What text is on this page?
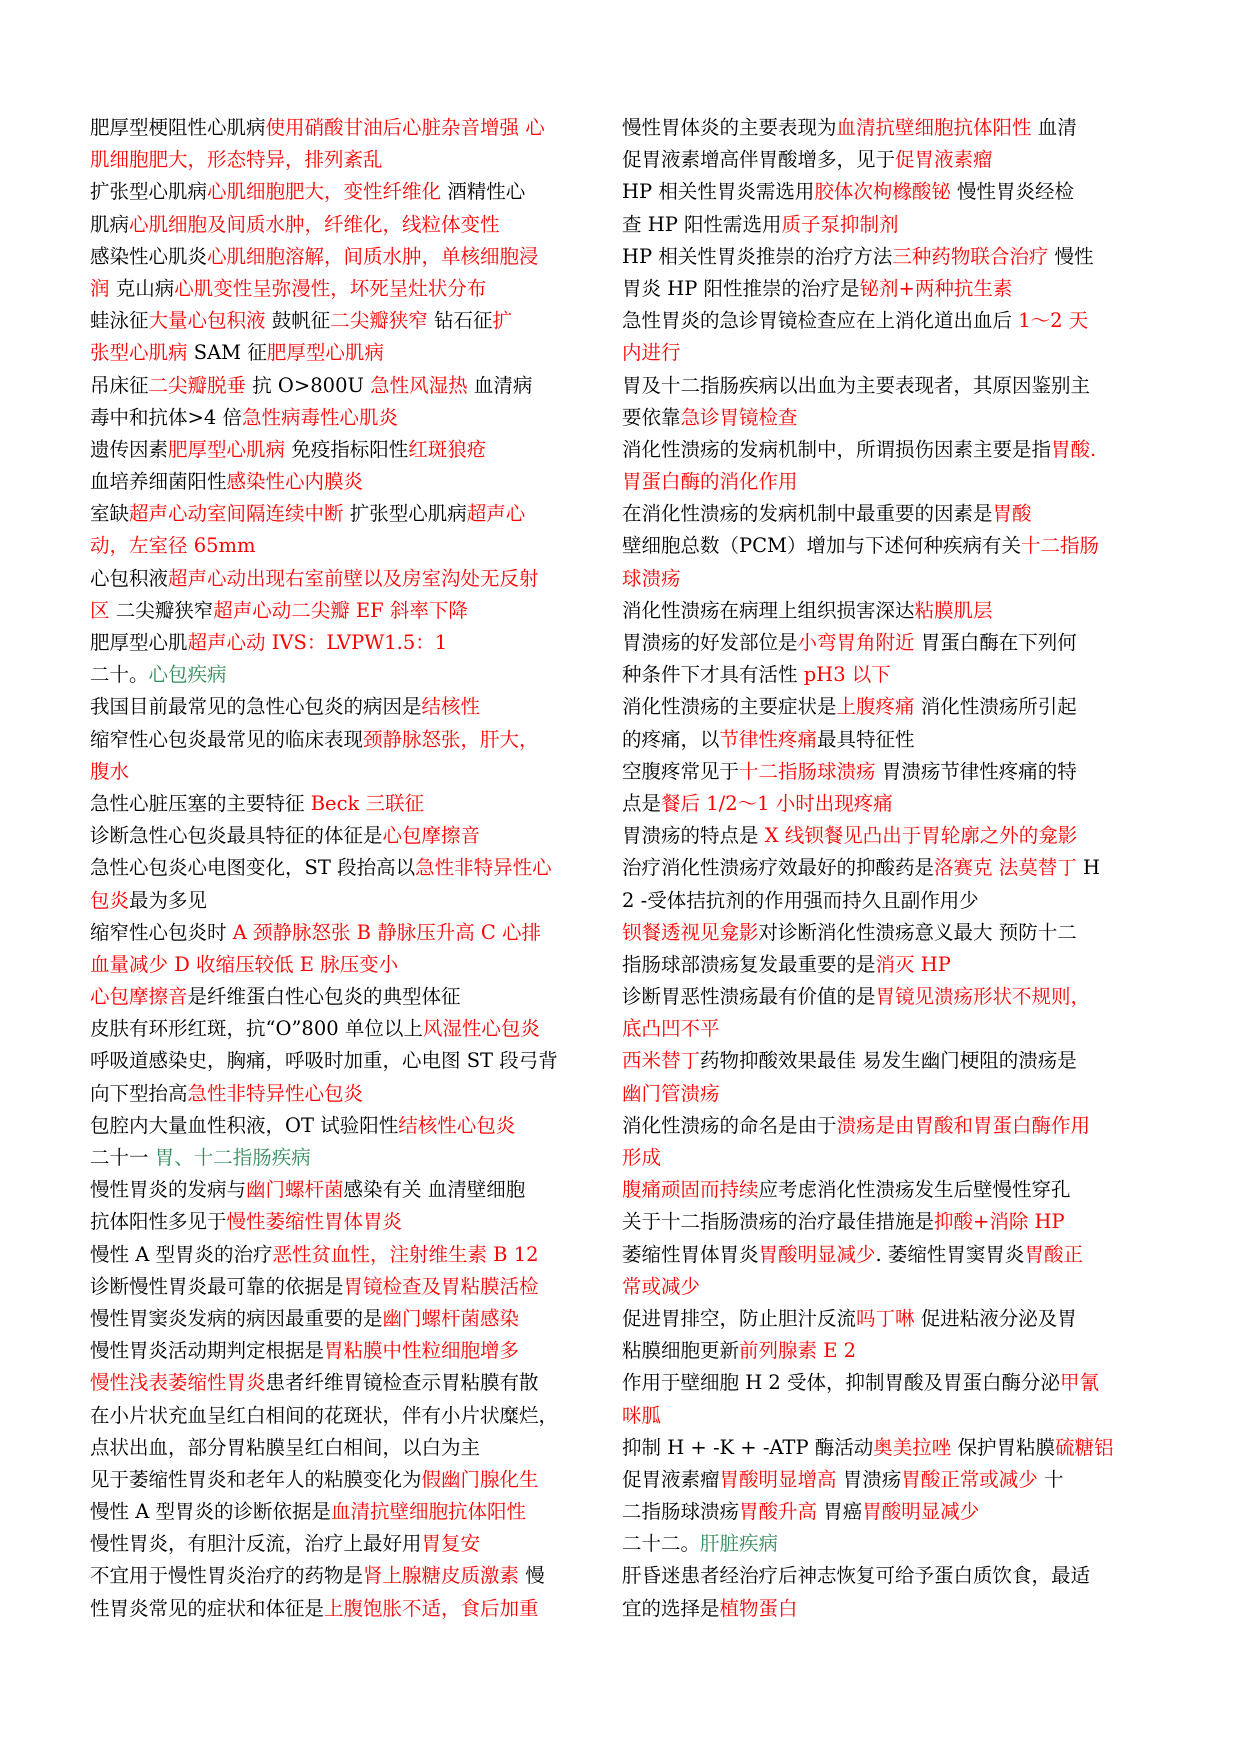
肥厚型梗阻性心肌病使用硝酸甘油后心脏杂音增强 心
肌细胞肥大，形态特异，排列紊乱
扩张型心肌病心肌细胞肥大，变性纤维化 酒精性心
肌病心肌细胞及间质水肿，纤维化，线粒体变性
感染性心肌炎心肌细胞溶解，间质水肿，单核细胞浸
润 克山病心肌变性呈弥漫性，坏死呈灶状分布
蛙泳征大量心包积液 鼓帆征二尖瓣狭窄 钻石征扩
张型心肌病 SAM 征肥厚型心肌病
吊床征二尖瓣脱垂 抗 O>800U 急性风湿热 血清病
毒中和抗体>4 倍急性病毒性心肌炎
遗传因素肥厚型心肌病 免疫指标阳性红斑狼疮
血培养细菌阳性感染性心内膜炎
室缺超声心动室间隔连续中断 扩张型心肌病超声心
动，左室径 65mm
心包积液超声心动出现右室前壁以及房室沟处无反射
区 二尖瓣狭窄超声心动二尖瓣 EF 斜率下降
肥厚型心肌超声心动 IVS：LVPW1.5：1
二十。心包疾病
我国目前最常见的急性心包炎的病因是结核性
缩窄性心包炎最常见的临床表现颈静脉怒张，肝大，
腹水
急性心脏压塞的主要特征 Beck 三联征
诊断急性心包炎最具特征的体征是心包摩擦音
急性心包炎心电图变化，ST 段抬高以急性非特异性心
包炎最为多见
缩窄性心包炎时 A 颈静脉怒张 B 静脉压升高 C 心排
血量减少 D 收缩压较低 E 脉压变小
心包摩擦音是纤维蛋白性心包炎的典型体征
皮肤有环形红斑，抗“O”800 单位以上风湿性心包炎
呼吸道感染史，胸痛，呼吸时加重，心电图 ST 段弓背
向下型抬高急性非特异性心包炎
包腔内大量血性积液，OT 试验阳性结核性心包炎
二十一 胃、十二指肠疾病
慢性胃炎的发病与幽门螺杆菌感染有关 血清壁细胞
抗体阳性多见于慢性萎缩性胃体胃炎
慢性 A 型胃炎的治疗恶性贫血性，注射维生素 B 12
诊断慢性胃炎最可靠的依据是胃镜检查及胃粘膜活检
慢性胃窦炎发病的病因最重要的是幽门螺杆菌感染
慢性胃炎活动期判定根据是胃粘膜中性粒细胞增多
慢性浅表萎缩性胃炎患者纤维胃镜检查示胃粘膜有散
在小片状充血呈红白相间的花斑状，伴有小片状糜烂，
点状出血，部分胃粘膜呈红白相间，以白为主
见于萎缩性胃炎和老年人的粘膜变化为假幽门腺化生
慢性 A 型胃炎的诊断依据是血清抗壁细胞抗体阳性
慢性胃炎，有胆汁反流，治疗上最好用胃复安
不宜用于慢性胃炎治疗的药物是肾上腺糖皮质激素 慢
性胃炎常见的症状和体征是上腹饱胀不适，食后加重
慢性胃体炎的主要表现为血清抗壁细胞抗体阳性 血清
促胃液素增高伴胃酸增多，见于促胃液素瘤
HP 相关性胃炎需选用胶体次枸橼酸铋 慢性胃炎经检
查 HP 阳性需选用质子泵抑制剂
HP 相关性胃炎推崇的治疗方法三种药物联合治疗 慢性
胃炎 HP 阳性推崇的治疗是铋剂+两种抗生素
急性胃炎的急诊胃镜检查应在上消化道出血后 1～2 天
内进行
胃及十二指肠疾病以出血为主要表现者，其原因鉴别主
要依靠急诊胃镜检查
消化性溃疡的发病机制中，所谓损伤因素主要是指胃酸.
胃蛋白酶的消化作用
在消化性溃疡的发病机制中最重要的因素是胃酸
壁细胞总数（PCM）增加与下述何种疾病有关十二指肠
球溃疡
消化性溃疡在病理上组织损害深达粘膜肌层
胃溃疡的好发部位是小弯胃角附近 胃蛋白酶在下列何
种条件下才具有活性 pH3 以下
消化性溃疡的主要症状是上腹疼痛 消化性溃疡所引起
的疼痛，以节律性疼痛最具特征性
空腹疼常见于十二指肠球溃疡 胃溃疡节律性疼痛的特
点是餐后 1/2～1 小时出现疼痛
胃溃疡的特点是 X 线钡餐见凸出于胃轮廓之外的龛影
治疗消化性溃疡疗效最好的抑酸药是洛赛克 法莫替丁 H
2 -受体拮抗剂的作用强而持久且副作用少
钡餐透视见龛影对诊断消化性溃疡意义最大 预防十二
指肠球部溃疡复发最重要的是消灭 HP
诊断胃恶性溃疡最有价值的是胃镜见溃疡形状不规则，
底凸凹不平
西米替丁药物抑酸效果最佳 易发生幽门梗阻的溃疡是
幽门管溃疡
消化性溃疡的命名是由于溃疡是由胃酸和胃蛋白酶作用
形成
腹痛顽固而持续应考虑消化性溃疡发生后壁慢性穿孔
关于十二指肠溃疡的治疗最佳措施是抑酸+消除 HP
萎缩性胃体胃炎胃酸明显减少. 萎缩性胃窦胃炎胃酸正
常或减少
促进胃排空，防止胆汁反流吗丁啉 促进粘液分泌及胃
粘膜细胞更新前列腺素 E 2
作用于壁细胞 H 2 受体，抑制胃酸及胃蛋白酶分泌甲氰
咪胍
抑制 H + -K + -ATP 酶活动奥美拉唑 保护胃粘膜硫糖铝
促胃液素瘤胃酸明显增高 胃溃疡胃酸正常或减少 十
二指肠球溃疡胃酸升高 胃癌胃酸明显减少
二十二。肝脏疾病
肝昏迷患者经治疗后神志恢复可给予蛋白质饮食，最适
宜的选择是植物蛋白
